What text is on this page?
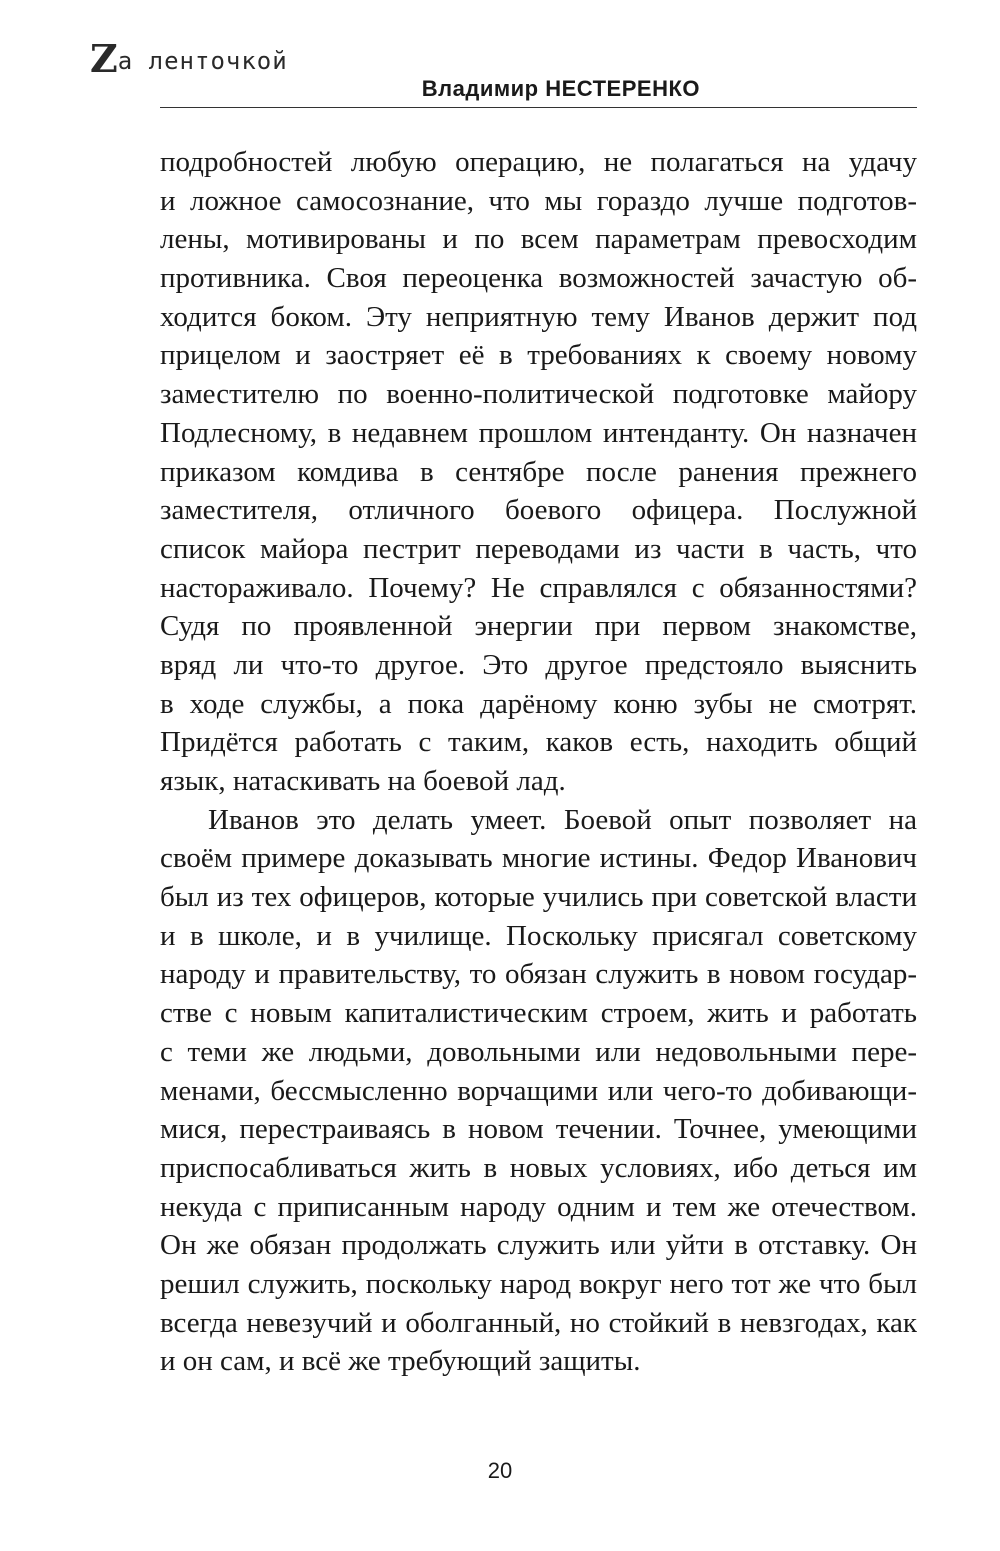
Zа ленточкой
Владимир НЕСТЕРЕНКО
подробностей любую операцию, не полагаться на удачу
и ложное самосознание, что мы гораздо лучше подготов-
лены, мотивированы и по всем параметрам превосходим
противника. Своя переоценка возможностей зачастую об-
ходится боком. Эту неприятную тему Иванов держит под
прицелом и заостряет её в требованиях к своему новому
заместителю по военно-политической подготовке майору
Подлесному, в недавнем прошлом интенданту. Он назначен
приказом комдива в сентябре после ранения прежнего
заместителя, отличного боевого офицера. Послужной
список майора пестрит переводами из части в часть, что
настораживало. Почему? Не справлялся с обязанностями?
Судя по проявленной энергии при первом знакомстве,
вряд ли что-то другое. Это другое предстояло выяснить
в ходе службы, а пока дарёному коню зубы не смотрят.
Придётся работать с таким, каков есть, находить общий
язык, натаскивать на боевой лад.
Иванов это делать умеет. Боевой опыт позволяет на
своём примере доказывать многие истины. Федор Иванович
был из тех офицеров, которые учились при советской власти
и в школе, и в училище. Поскольку присягал советскому
народу и правительству, то обязан служить в новом государ-
стве с новым капиталистическим строем, жить и работать
с теми же людьми, довольными или недовольными пере-
менами, бессмысленно ворчащими или чего-то добивающи-
мися, перестраиваясь в новом течении. Точнее, умеющими
приспосабливаться жить в новых условиях, ибо деться им
некуда с приписанным народу одним и тем же отечеством.
Он же обязан продолжать служить или уйти в отставку. Он
решил служить, поскольку народ вокруг него тот же что был
всегда невезучий и оболганный, но стойкий в невзгодах, как
и он сам, и всё же требующий защиты.
20
